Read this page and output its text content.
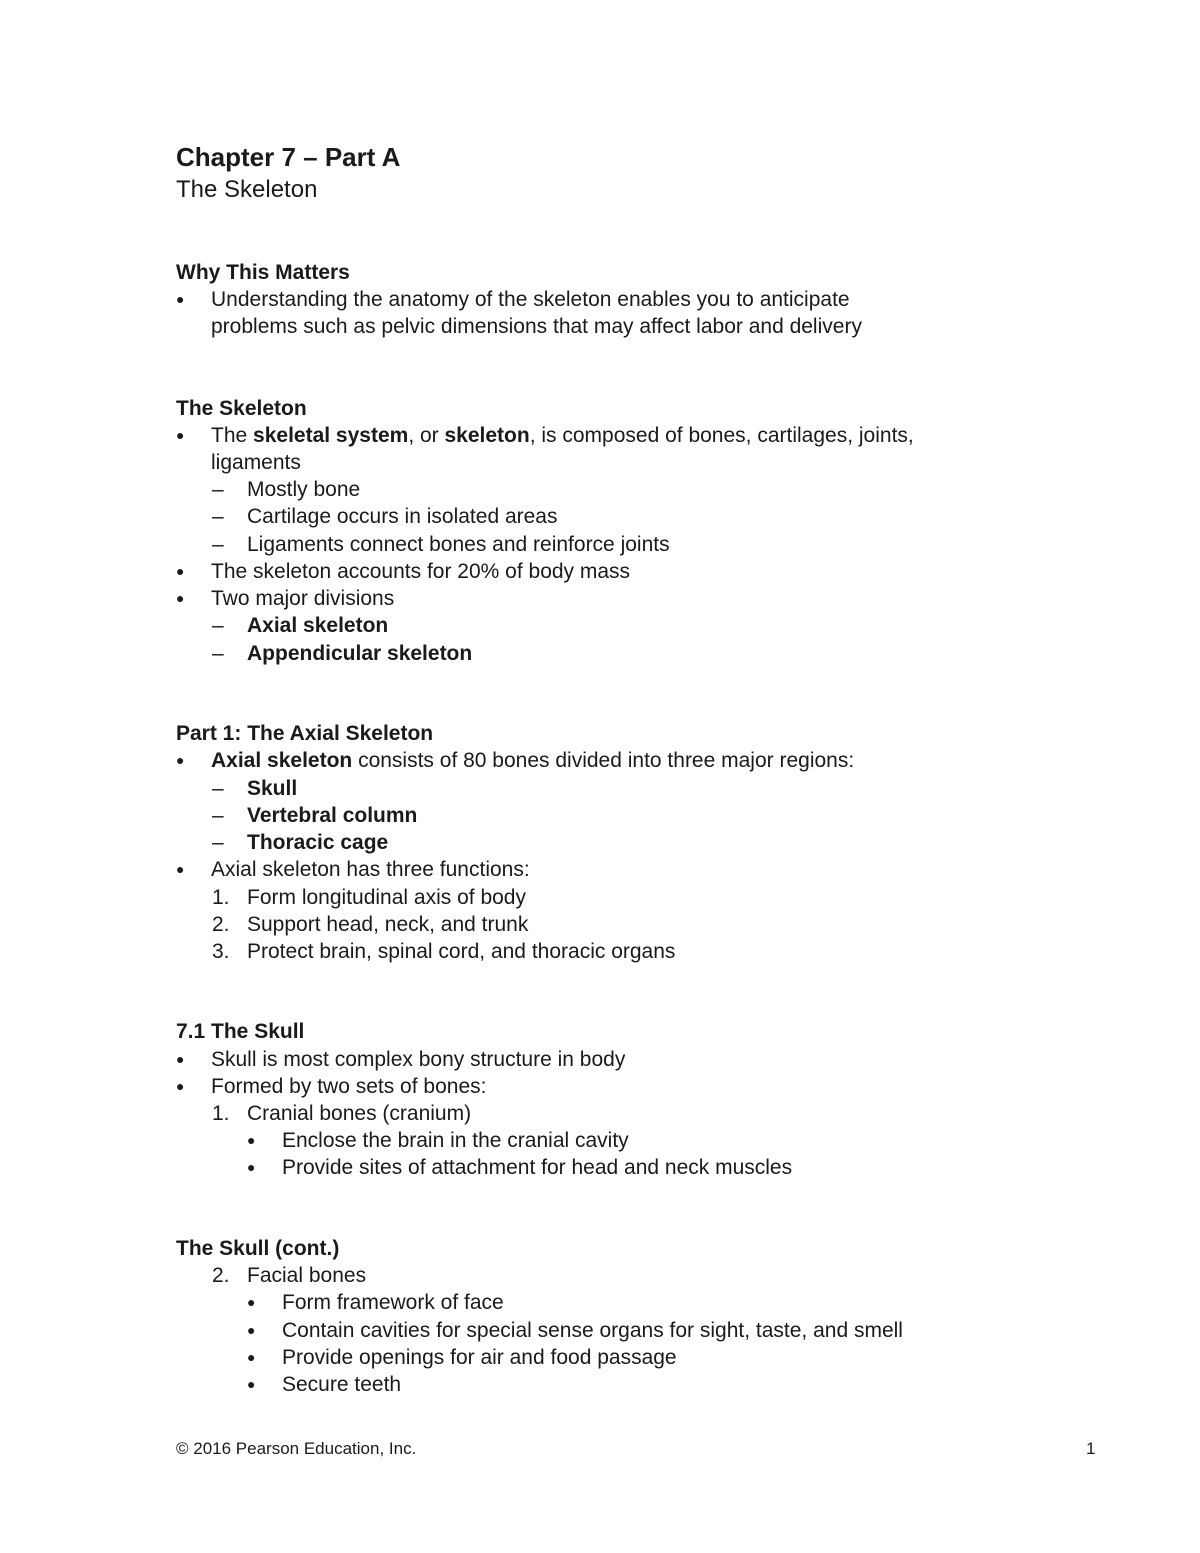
Chapter 7 – Part A
The Skeleton
Why This Matters
● Understanding the anatomy of the skeleton enables you to anticipate
problems such as pelvic dimensions that may affect labor and delivery
The Skeleton
● The skeletal system, or skeleton, is composed of bones, cartilages, joints,
ligaments
– Mostly bone
– Cartilage occurs in isolated areas
– Ligaments connect bones and reinforce joints
● The skeleton accounts for 20% of body mass
● Two major divisions
– Axial skeleton
– Appendicular skeleton
Part 1: The Axial Skeleton
● Axial skeleton consists of 80 bones divided into three major regions:
– Skull
– Vertebral column
– Thoracic cage
● Axial skeleton has three functions:
1. Form longitudinal axis of body
2. Support head, neck, and trunk
3. Protect brain, spinal cord, and thoracic organs
7.1 The Skull
● Skull is most complex bony structure in body
● Formed by two sets of bones:
1. Cranial bones (cranium)
● Enclose the brain in the cranial cavity
● Provide sites of attachment for head and neck muscles
The Skull (cont.)
2. Facial bones
● Form framework of face
● Contain cavities for special sense organs for sight, taste, and smell
● Provide openings for air and food passage
● Secure teeth
© 2016 Pearson Education, Inc.	1
